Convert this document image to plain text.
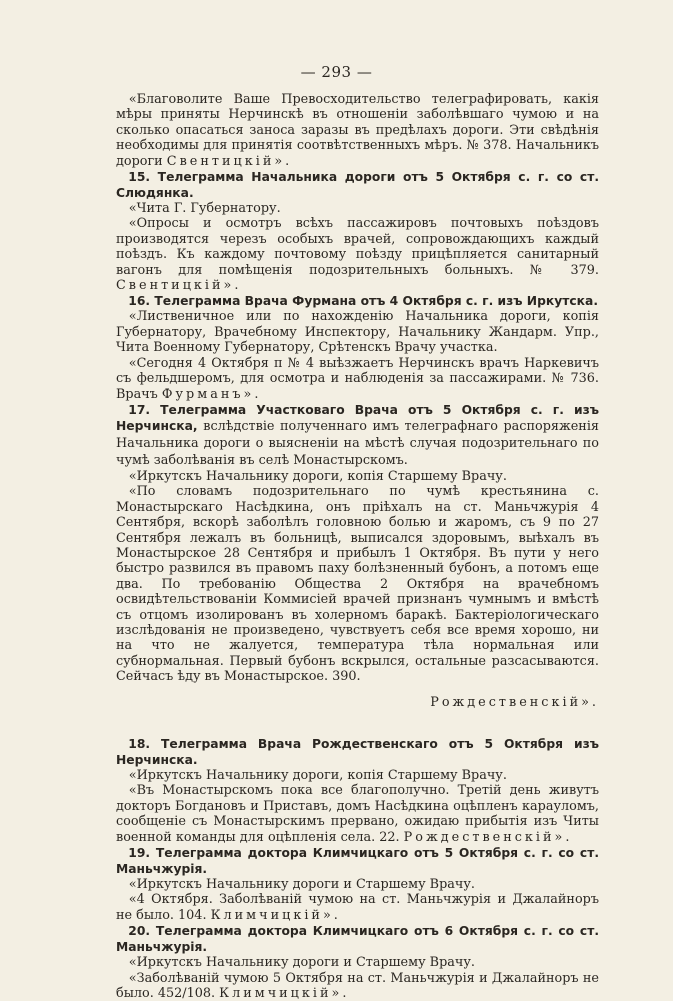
— 293 —

«Благоволите Ваше Превосходительство телеграфировать, какія мѣры приняты Нерчинскѣ въ отношеніи заболѣвшаго чумою и на сколько опасаться заноса заразы въ предѣлахъ дороги. Эти свѣдѣнія необходимы для принятія соотвѣтственныхъ мѣръ. № 378. Начальникъ дороги Свентицкій».

15. Телеграмма Начальника дороги отъ 5 Октября с. г. со ст. Слюдянка.

«Чита Г. Губернатору.

«Опросы и осмотръ всѣхъ пассажировъ почтовыхъ поѣздовъ производятся черезъ особыхъ врачей, сопровождающихъ каждый поѣздъ. Къ каждому почтовому поѣзду прицѣпляется санитарный вагонъ для помѣщенія подозрительныхъ больныхъ. № 379. Свентицкій».

16. Телеграмма Врача Фурмана отъ 4 Октября с. г. изъ Иркутска.

«Лиственичное или по нахожденію Начальника дороги, копія Губернатору, Врачебному Инспектору, Начальнику Жандарм. Упр., Чита Военному Губернатору, Срѣтенскъ Врачу участка.

«Сегодня 4 Октября п № 4 выѣзжаетъ Нерчинскъ врачъ Наркевичъ съ фельдшеромъ, для осмотра и наблюденія за пассажирами. № 736. Врачъ Фурманъ».

17. Телеграмма Участковаго Врача отъ 5 Октября с. г. изъ Нерчинска, вслѣдствіе полученнаго имъ телеграфнаго распоряженія Начальника дороги о выясненіи на мѣстѣ случая подозрительнаго по чумѣ заболѣванія въ селѣ Монастырскомъ.

«Иркутскъ Начальнику дороги, копія Старшему Врачу.

«По словамъ подозрительнаго по чумѣ крестьянина с. Монастырскаго Насѣдкина, онъ пріѣхалъ на ст. Маньчжурія 4 Сентября, вскорѣ заболѣлъ головною болью и жаромъ, съ 9 по 27 Сентября лежалъ въ больницѣ, выписался здоровымъ, выѣхалъ въ Монастырское 28 Сентября и прибылъ 1 Октября. Въ пути у него быстро развился въ правомъ паху болѣзненный бубонъ, а потомъ еще два. По требованію Общества 2 Октября на врачебномъ освидѣтельствованіи Коммисіей врачей признанъ чумнымъ и вмѣстѣ съ отцомъ изолированъ въ холерномъ баракѣ. Бактеріологическаго изслѣдованія не произведено, чувствуетъ себя все время хорошо, ни на что не жалуется, температура тѣла нормальная или субнормальная. Первый бубонъ вскрылся, остальные разсасываются. Сейчасъ ѣду въ Монастырское. 390.

Рождественскій».

18. Телеграмма Врача Рождественскаго отъ 5 Октября изъ Нерчинска.

«Иркутскъ Начальнику дороги, копія Старшему Врачу.

«Въ Монастырскомъ пока все благополучно. Третій день живутъ докторъ Богдановъ и Приставъ, домъ Насѣдкина оцѣпленъ карауломъ, сообщеніе съ Монастырскимъ прервано, ожидаю прибытія изъ Читы военной команды для оцѣпленія села. 22. Рождественскій».

19. Телеграмма доктора Климчицкаго отъ 5 Октября с. г. со ст. Маньчжурія.

«Иркутскъ Начальнику дороги и Старшему Врачу.

«4 Октября. Заболѣваній чумою на ст. Маньчжурія и Джалайноръ не было. 104. Климчицкій».

20. Телеграмма доктора Климчицкаго отъ 6 Октября с. г. со ст. Маньчжурія.

«Иркутскъ Начальнику дороги и Старшему Врачу.

«Заболѣваній чумою 5 Октября на ст. Маньчжурія и Джалайноръ не было. 452/108. Климчицкій».
